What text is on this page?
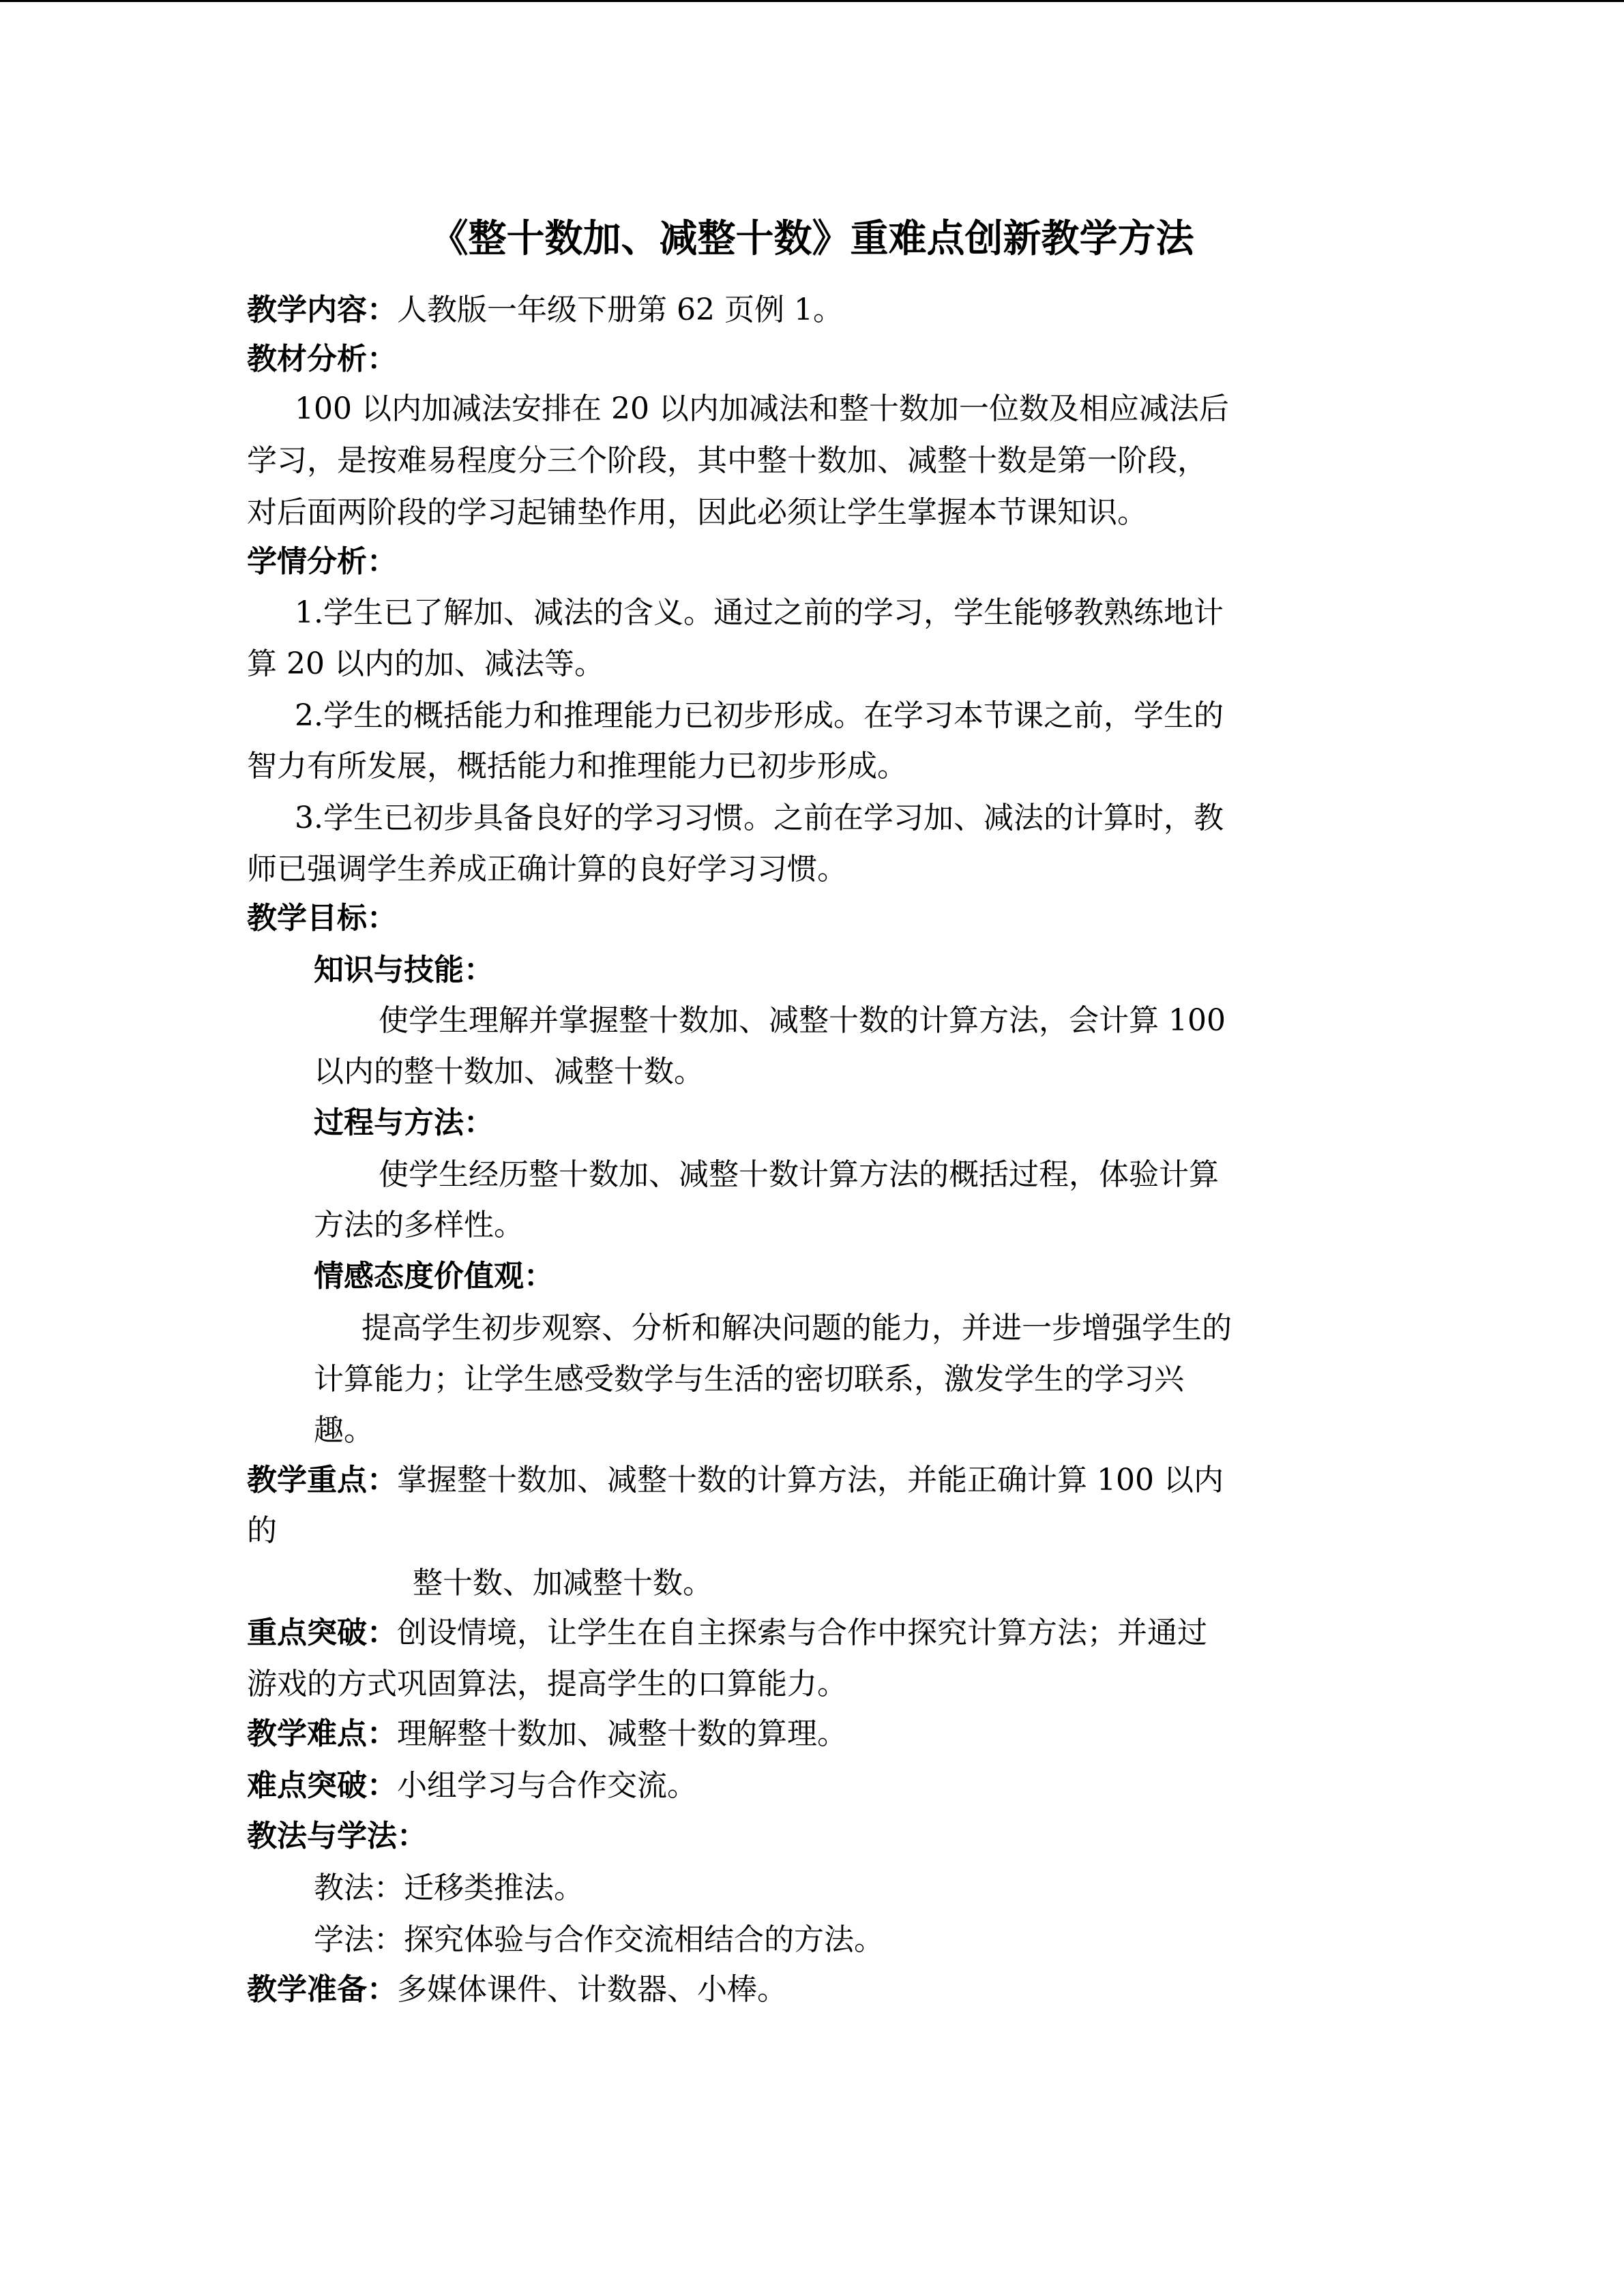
《整十数加、减整十数》重难点创新教学方法
教学内容：人教版一年级下册第 62 页例 1。
教材分析：
100 以内加减法安排在 20 以内加减法和整十数加一位数及相应减法后
学习，是按难易程度分三个阶段，其中整十数加、减整十数是第一阶段，
对后面两阶段的学习起铺垫作用，因此必须让学生掌握本节课知识。
学情分析：
1.学生已了解加、减法的含义。通过之前的学习，学生能够教熟练地计
算 20 以内的加、减法等。
2.学生的概括能力和推理能力已初步形成。在学习本节课之前，学生的
智力有所发展，概括能力和推理能力已初步形成。
3.学生已初步具备良好的学习习惯。之前在学习加、减法的计算时，教
师已强调学生养成正确计算的良好学习习惯。
教学目标：
知识与技能：
使学生理解并掌握整十数加、减整十数的计算方法，会计算 100
以内的整十数加、减整十数。
过程与方法：
使学生经历整十数加、减整十数计算方法的概括过程，体验计算
方法的多样性。
情感态度价值观：
提高学生初步观察、分析和解决问题的能力，并进一步增强学生的
计算能力；让学生感受数学与生活的密切联系，激发学生的学习兴
趣。
教学重点：掌握整十数加、减整十数的计算方法，并能正确计算 100 以内
的
整十数、加减整十数。
重点突破：创设情境，让学生在自主探索与合作中探究计算方法；并通过
游戏的方式巩固算法，提高学生的口算能力。
教学难点：理解整十数加、减整十数的算理。
难点突破：小组学习与合作交流。
教法与学法：
教法：迁移类推法。
学法：探究体验与合作交流相结合的方法。
教学准备：多媒体课件、计数器、小棒。
